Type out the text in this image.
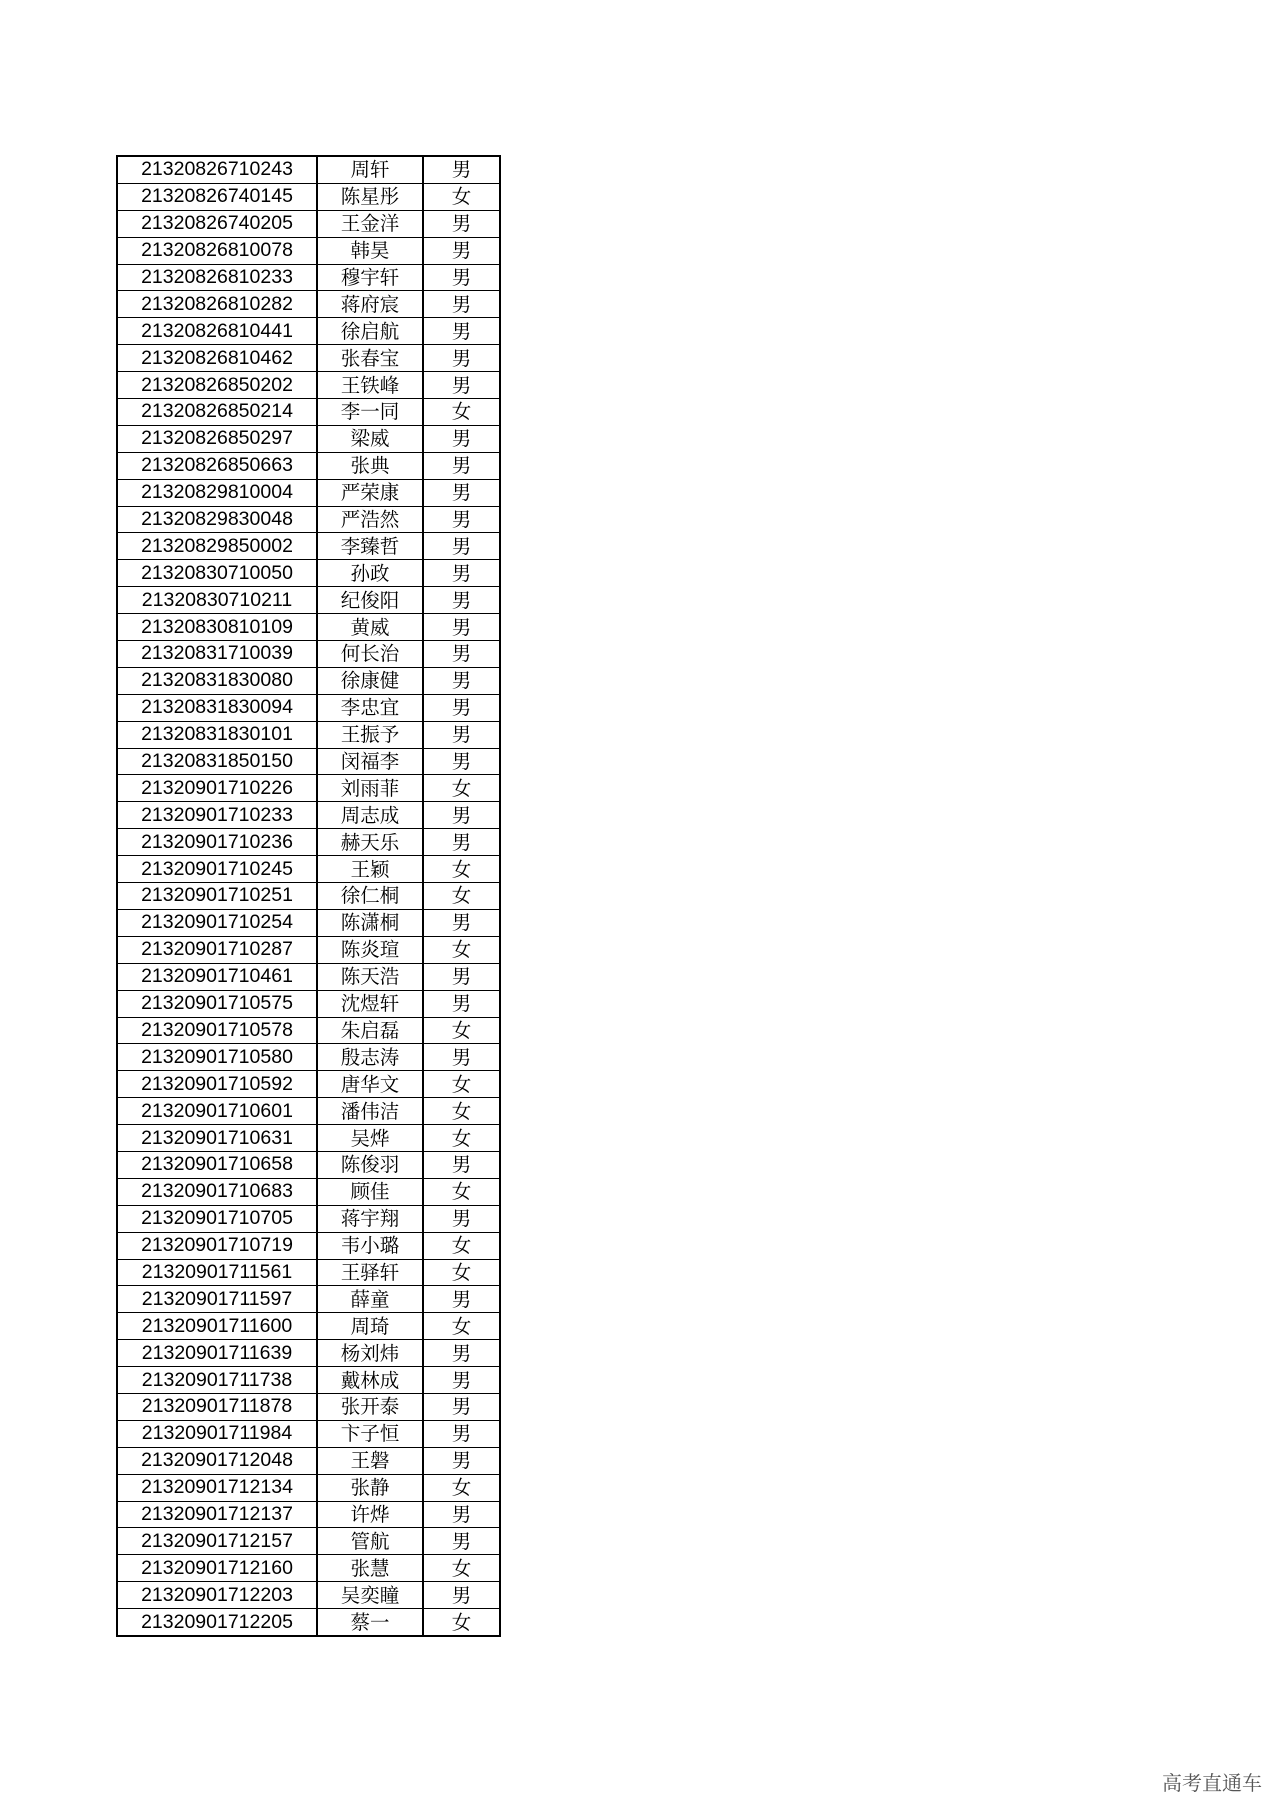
21320826710243	周轩	男
21320826740145	陈星彤	女
21320826740205	王金洋	男
21320826810078	韩昊	男
21320826810233	穆宇轩	男
21320826810282	蒋府宸	男
21320826810441	徐启航	男
21320826810462	张春宝	男
21320826850202	王铁峰	男
21320826850214	李一同	女
21320826850297	梁威	男
21320826850663	张典	男
21320829810004	严荣康	男
21320829830048	严浩然	男
21320829850002	李臻哲	男
21320830710050	孙政	男
21320830710211	纪俊阳	男
21320830810109	黄威	男
21320831710039	何长治	男
21320831830080	徐康健	男
21320831830094	李忠宜	男
21320831830101	王振予	男
21320831850150	闵福李	男
21320901710226	刘雨菲	女
21320901710233	周志成	男
21320901710236	赫天乐	男
21320901710245	王颖	女
21320901710251	徐仁桐	女
21320901710254	陈潇桐	男
21320901710287	陈炎瑄	女
21320901710461	陈天浩	男
21320901710575	沈煜轩	男
21320901710578	朱启磊	女
21320901710580	殷志涛	男
21320901710592	唐华文	女
21320901710601	潘伟洁	女
21320901710631	吴烨	女
21320901710658	陈俊羽	男
21320901710683	顾佳	女
21320901710705	蒋宇翔	男
21320901710719	韦小璐	女
21320901711561	王驿轩	女
21320901711597	薛童	男
21320901711600	周琦	女
21320901711639	杨刘炜	男
21320901711738	戴林成	男
21320901711878	张开泰	男
21320901711984	卞子恒	男
21320901712048	王磐	男
21320901712134	张静	女
21320901712137	许烨	男
21320901712157	管航	男
21320901712160	张慧	女
21320901712203	吴奕瞳	男
21320901712205	蔡一	女
高考直通车
